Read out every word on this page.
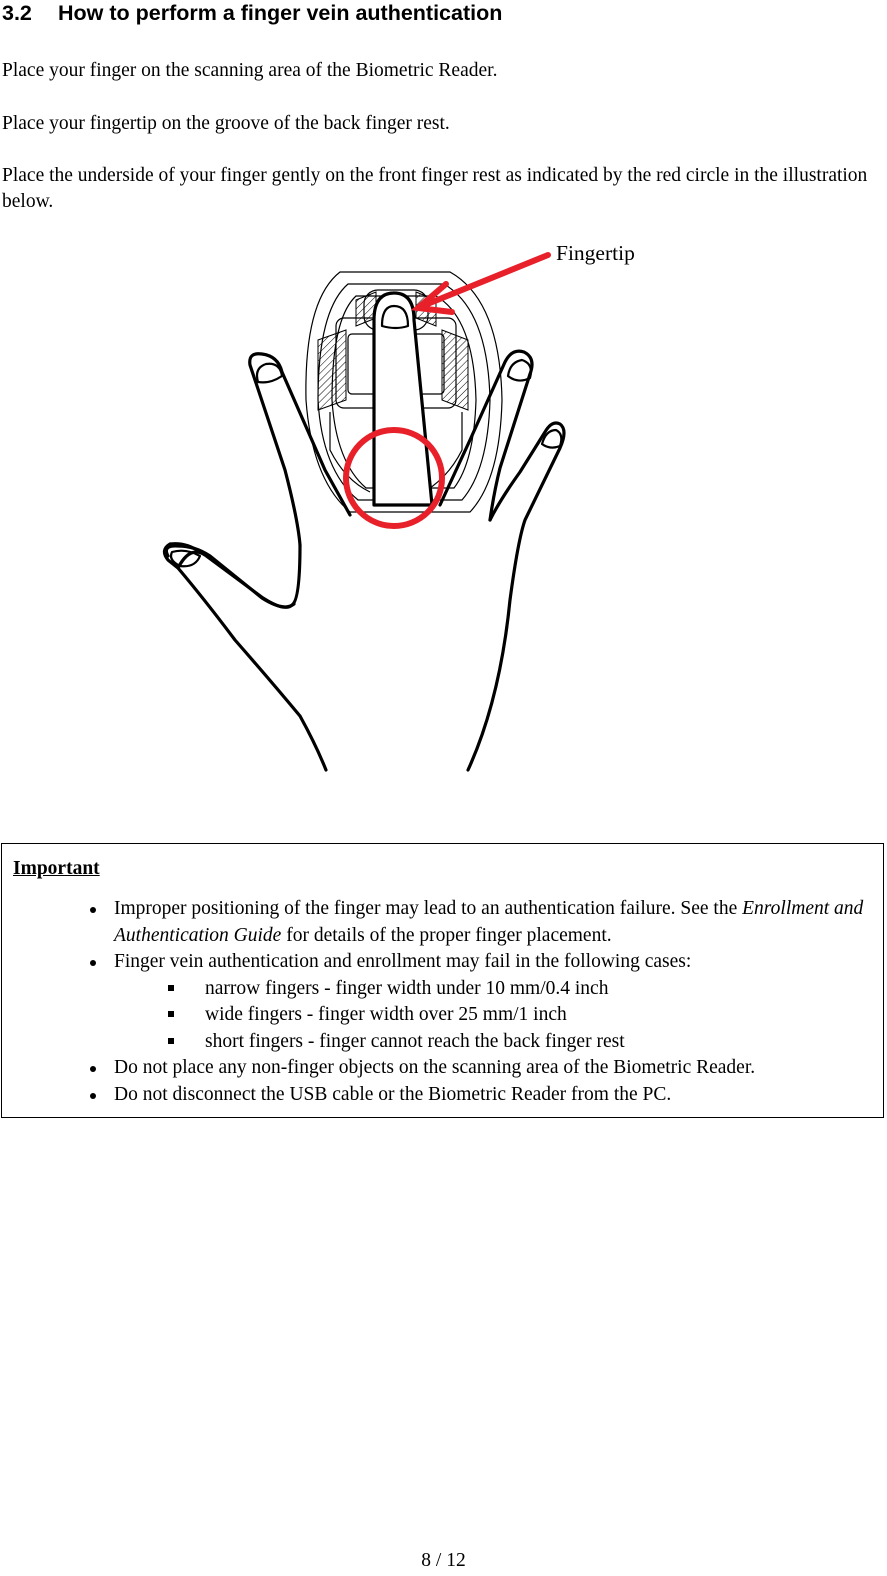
3.2 How to perform a finger vein authentication

Place your finger on the scanning area of the Biometric Reader.

Place your fingertip on the groove of the back finger rest.

Place the underside of your finger gently on the front finger rest as indicated by the red circle in the illustration below.

Fingertip
Important
Improper positioning of the finger may lead to an authentication failure. See the Enrollment and Authentication Guide for details of the proper finger placement.
Finger vein authentication and enrollment may fail in the following cases:
narrow fingers - finger width under 10 mm/0.4 inch
wide fingers - finger width over 25 mm/1 inch
short fingers - finger cannot reach the back finger rest
Do not place any non-finger objects on the scanning area of the Biometric Reader.
Do not disconnect the USB cable or the Biometric Reader from the PC.
8 / 12
